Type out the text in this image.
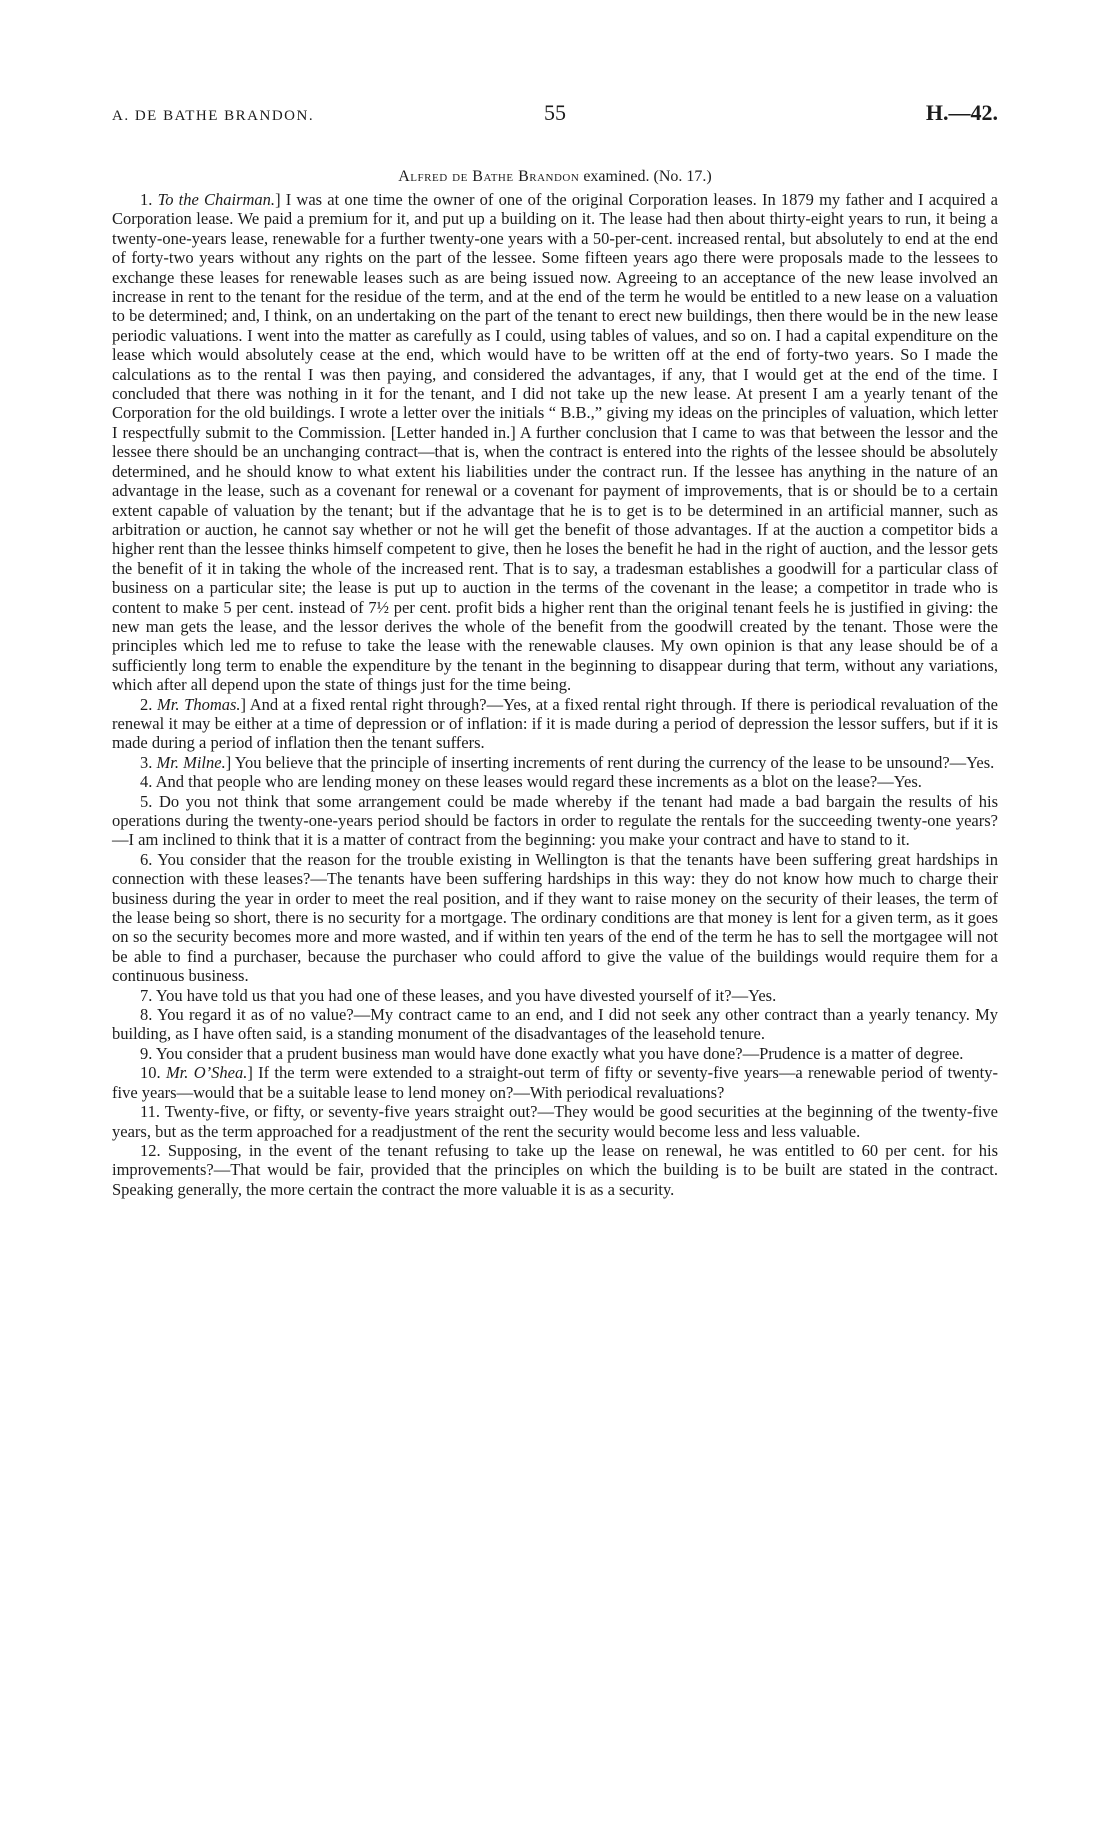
A. DE BATHE BRANDON.	55	H.—42.
Alfred de Bathe Brandon examined. (No. 17.)

1. To the Chairman.] I was at one time the owner of one of the original Corporation leases. In 1879 my father and I acquired a Corporation lease. We paid a premium for it, and put up a building on it. The lease had then about thirty-eight years to run, it being a twenty-one-years lease, renewable for a further twenty-one years with a 50-per-cent. increased rental, but absolutely to end at the end of forty-two years without any rights on the part of the lessee. Some fifteen years ago there were proposals made to the lessees to exchange these leases for renewable leases such as are being issued now. Agreeing to an acceptance of the new lease involved an increase in rent to the tenant for the residue of the term, and at the end of the term he would be entitled to a new lease on a valuation to be determined; and, I think, on an undertaking on the part of the tenant to erect new buildings, then there would be in the new lease periodic valuations. I went into the matter as carefully as I could, using tables of values, and so on. I had a capital expenditure on the lease which would absolutely cease at the end, which would have to be written off at the end of forty-two years. So I made the calculations as to the rental I was then paying, and considered the advantages, if any, that I would get at the end of the time. I concluded that there was nothing in it for the tenant, and I did not take up the new lease. At present I am a yearly tenant of the Corporation for the old buildings. I wrote a letter over the initials “ B.B.,” giving my ideas on the principles of valuation, which letter I respectfully submit to the Commission. [Letter handed in.] A further conclusion that I came to was that between the lessor and the lessee there should be an unchanging contract—that is, when the contract is entered into the rights of the lessee should be absolutely determined, and he should know to what extent his liabilities under the contract run. If the lessee has anything in the nature of an advantage in the lease, such as a covenant for renewal or a covenant for payment of improvements, that is or should be to a certain extent capable of valuation by the tenant; but if the advantage that he is to get is to be determined in an artificial manner, such as arbitration or auction, he cannot say whether or not he will get the benefit of those advantages. If at the auction a competitor bids a higher rent than the lessee thinks himself competent to give, then he loses the benefit he had in the right of auction, and the lessor gets the benefit of it in taking the whole of the increased rent. That is to say, a tradesman establishes a goodwill for a particular class of business on a particular site; the lease is put up to auction in the terms of the covenant in the lease; a competitor in trade who is content to make 5 per cent. instead of 7½ per cent. profit bids a higher rent than the original tenant feels he is justified in giving: the new man gets the lease, and the lessor derives the whole of the benefit from the goodwill created by the tenant. Those were the principles which led me to refuse to take the lease with the renewable clauses. My own opinion is that any lease should be of a sufficiently long term to enable the expenditure by the tenant in the beginning to disappear during that term, without any variations, which after all depend upon the state of things just for the time being.

2. Mr. Thomas.] And at a fixed rental right through?—Yes, at a fixed rental right through. If there is periodical revaluation of the renewal it may be either at a time of depression or of inflation: if it is made during a period of depression the lessor suffers, but if it is made during a period of inflation then the tenant suffers.

3. Mr. Milne.] You believe that the principle of inserting increments of rent during the currency of the lease to be unsound?—Yes.

4. And that people who are lending money on these leases would regard these increments as a blot on the lease?—Yes.

5. Do you not think that some arrangement could be made whereby if the tenant had made a bad bargain the results of his operations during the twenty-one-years period should be factors in order to regulate the rentals for the succeeding twenty-one years?—I am inclined to think that it is a matter of contract from the beginning: you make your contract and have to stand to it.

6. You consider that the reason for the trouble existing in Wellington is that the tenants have been suffering great hardships in connection with these leases?—The tenants have been suffering hardships in this way: they do not know how much to charge their business during the year in order to meet the real position, and if they want to raise money on the security of their leases, the term of the lease being so short, there is no security for a mortgage. The ordinary conditions are that money is lent for a given term, as it goes on so the security becomes more and more wasted, and if within ten years of the end of the term he has to sell the mortgagee will not be able to find a purchaser, because the purchaser who could afford to give the value of the buildings would require them for a continuous business.

7. You have told us that you had one of these leases, and you have divested yourself of it?—Yes.

8. You regard it as of no value?—My contract came to an end, and I did not seek any other contract than a yearly tenancy. My building, as I have often said, is a standing monument of the disadvantages of the leasehold tenure.

9. You consider that a prudent business man would have done exactly what you have done?—Prudence is a matter of degree.

10. Mr. O’Shea.] If the term were extended to a straight-out term of fifty or seventy-five years—a renewable period of twenty-five years—would that be a suitable lease to lend money on?—With periodical revaluations?

11. Twenty-five, or fifty, or seventy-five years straight out?—They would be good securities at the beginning of the twenty-five years, but as the term approached for a readjustment of the rent the security would become less and less valuable.

12. Supposing, in the event of the tenant refusing to take up the lease on renewal, he was entitled to 60 per cent. for his improvements?—That would be fair, provided that the principles on which the building is to be built are stated in the contract. Speaking generally, the more certain the contract the more valuable it is as a security.
